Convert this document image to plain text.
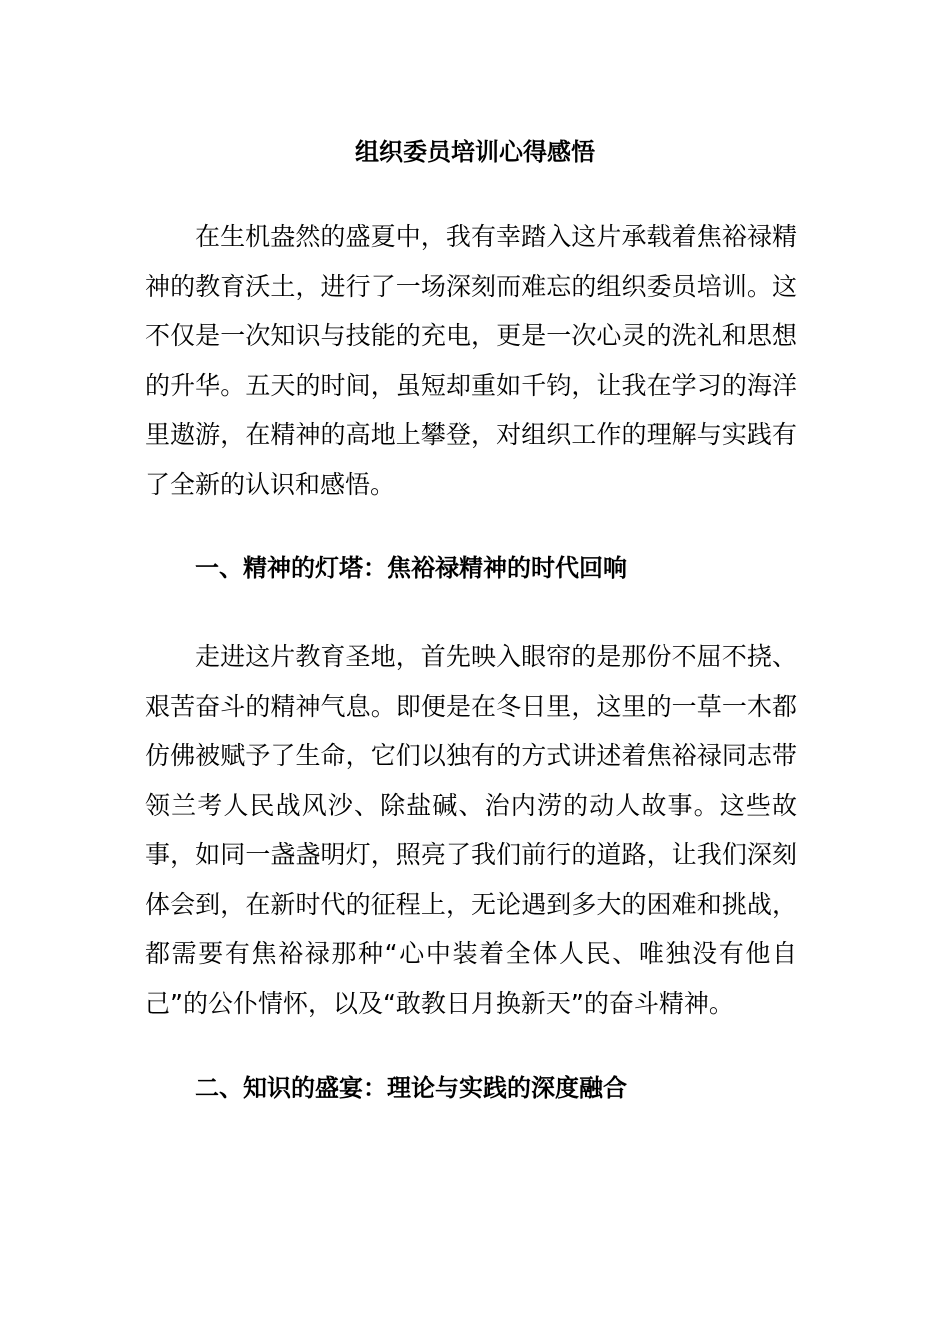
组织委员培训心得感悟

在生机盎然的盛夏中，我有幸踏入这片承载着焦裕禄精神的教育沃土，进行了一场深刻而难忘的组织委员培训。这不仅是一次知识与技能的充电，更是一次心灵的洗礼和思想的升华。五天的时间，虽短却重如千钧，让我在学习的海洋里遨游，在精神的高地上攀登，对组织工作的理解与实践有了全新的认识和感悟。

一、精神的灯塔：焦裕禄精神的时代回响

走进这片教育圣地，首先映入眼帘的是那份不屈不挠、艰苦奋斗的精神气息。即便是在冬日里，这里的一草一木都仿佛被赋予了生命，它们以独有的方式讲述着焦裕禄同志带领兰考人民战风沙、除盐碱、治内涝的动人故事。这些故事，如同一盏盏明灯，照亮了我们前行的道路，让我们深刻体会到，在新时代的征程上，无论遇到多大的困难和挑战，都需要有焦裕禄那种“心中装着全体人民、唯独没有他自己”的公仆情怀，以及“敢教日月换新天”的奋斗精神。

二、知识的盛宴：理论与实践的深度融合
